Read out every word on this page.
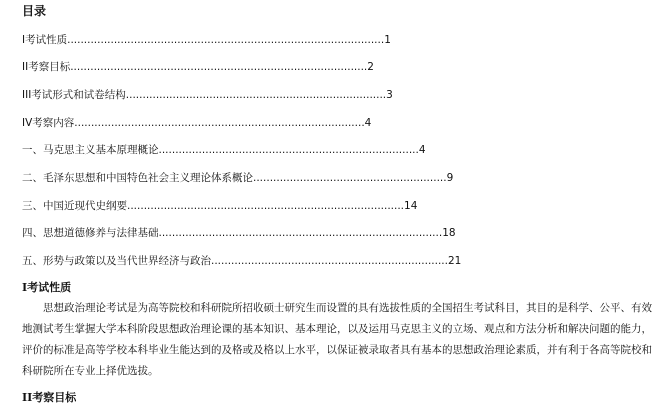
目录
I考试性质...............................................................................................1
II考察目标.........................................................................................2
III考试形式和试卷结构..............................................................................3
IV考察内容.......................................................................................4
一、马克思主义基本原理概论..............................................................................4
二、毛泽东思想和中国特色社会主义理论体系概论..........................................................9
三、中国近现代史纲要...................................................................................14
四、思想道德修养与法律基础.....................................................................................18
五、形势与政策以及当代世界经济与政治.......................................................................21
I考试性质

思想政治理论考试是为高等院校和科研院所招收硕士研究生而设置的具有选拔性质的全国招生考试科目，其目的是科学、公平、有效地测试考生掌握大学本科阶段思想政治理论课的基本知识、基本理论，以及运用马克思主义的立场、观点和方法分析和解决问题的能力，评价的标准是高等学校本科毕业生能达到的及格或及格以上水平，以保证被录取者具有基本的思想政治理论素质，并有利于各高等院校和科研院所在专业上择优选拔。

II考察目标
